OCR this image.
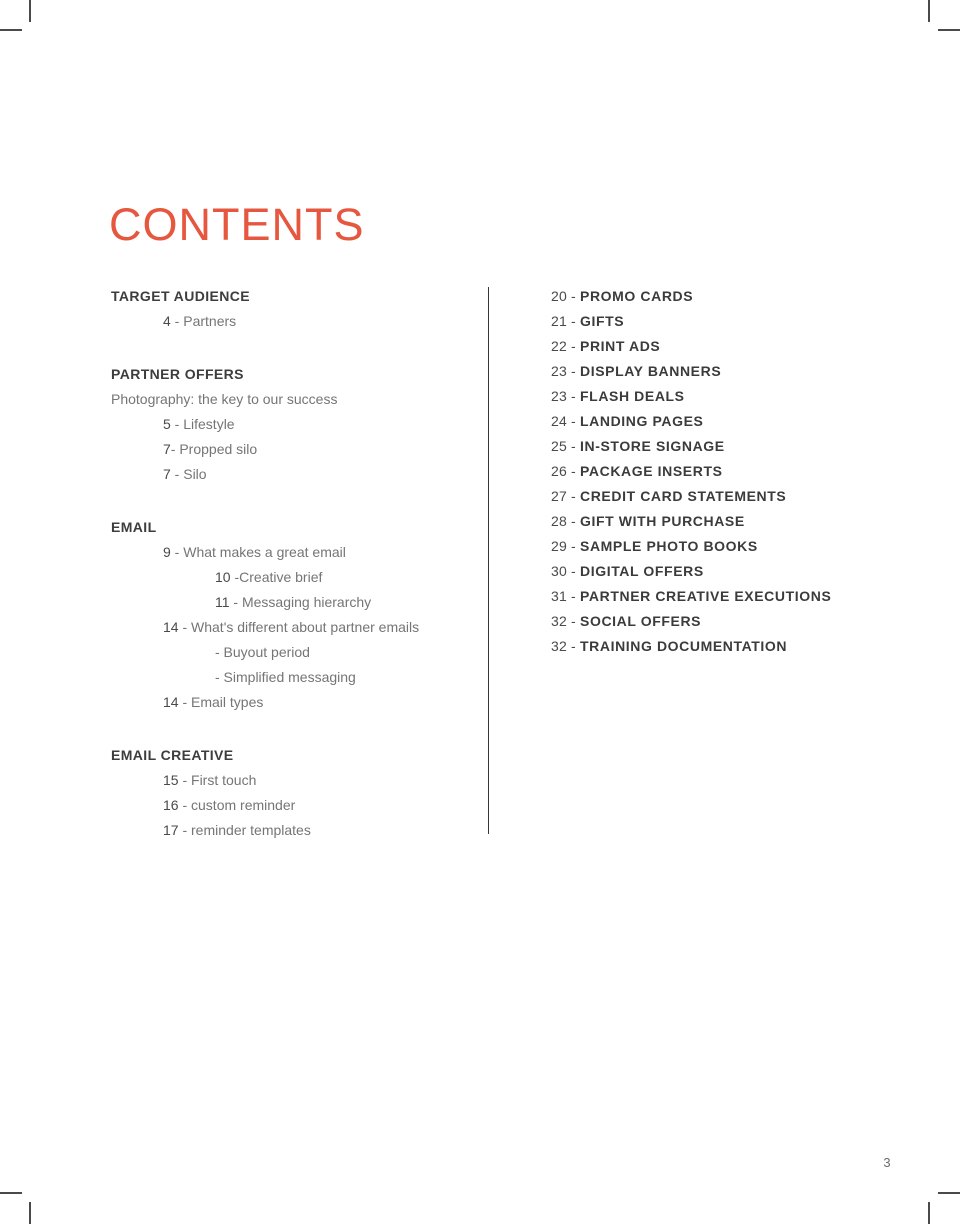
CONTENTS
TARGET AUDIENCE
4 - Partners
PARTNER OFFERS
Photography: the key to our success
5 - Lifestyle
7- Propped silo
7 - Silo
EMAIL
9 - What makes a great email
10 -Creative brief
11 - Messaging hierarchy
14 - What's different about partner emails
- Buyout period
- Simplified messaging
14 - Email types
EMAIL CREATIVE
15 - First touch
16 - custom reminder
17 - reminder templates
20 - PROMO CARDS
21 - GIFTS
22 - PRINT ADS
23 - DISPLAY BANNERS
23 - FLASH DEALS
24 - LANDING PAGES
25 - IN-STORE SIGNAGE
26 - PACKAGE INSERTS
27 - CREDIT CARD STATEMENTS
28 - GIFT WITH PURCHASE
29 - SAMPLE PHOTO BOOKS
30 - DIGITAL OFFERS
31 - PARTNER CREATIVE EXECUTIONS
32 - SOCIAL OFFERS
32 - TRAINING DOCUMENTATION
3
